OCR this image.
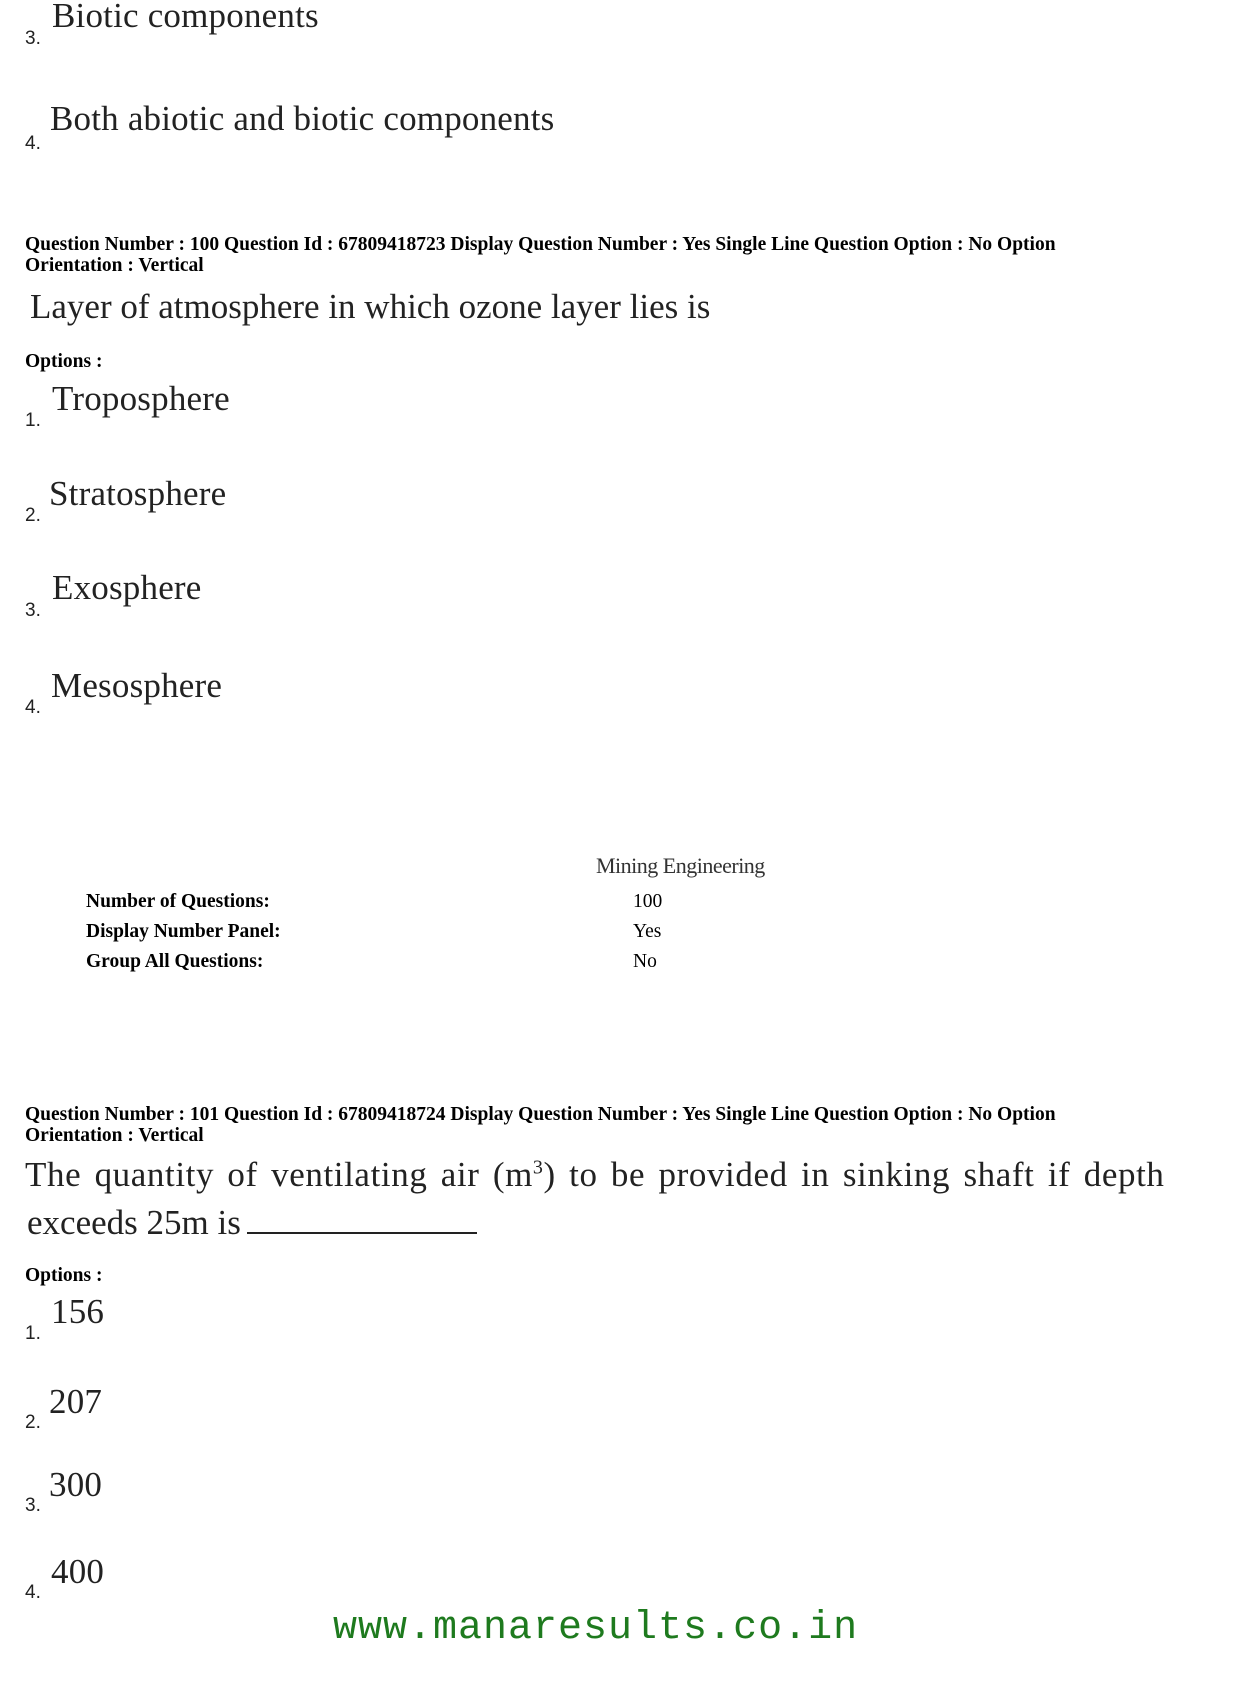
3.
Biotic components
4.
Both abiotic and biotic components
Question Number : 100 Question Id : 67809418723 Display Question Number : Yes Single Line Question Option : No Option
Orientation : Vertical
Layer of atmosphere in which ozone layer lies is
Options :
1.
Troposphere
2.
Stratosphere
3.
Exosphere
4.
Mesosphere
Mining Engineering
Number of Questions:	100
Display Number Panel:	Yes
Group All Questions:	No
Question Number : 101 Question Id : 67809418724 Display Question Number : Yes Single Line Question Option : No Option
Orientation : Vertical
The quantity of ventilating air $(m^3)$ to be provided in sinking shaft if depth
exceeds 25m is
Options :
1.
156
2.
207
3.
300
4.
400
www.manaresults.co.in
